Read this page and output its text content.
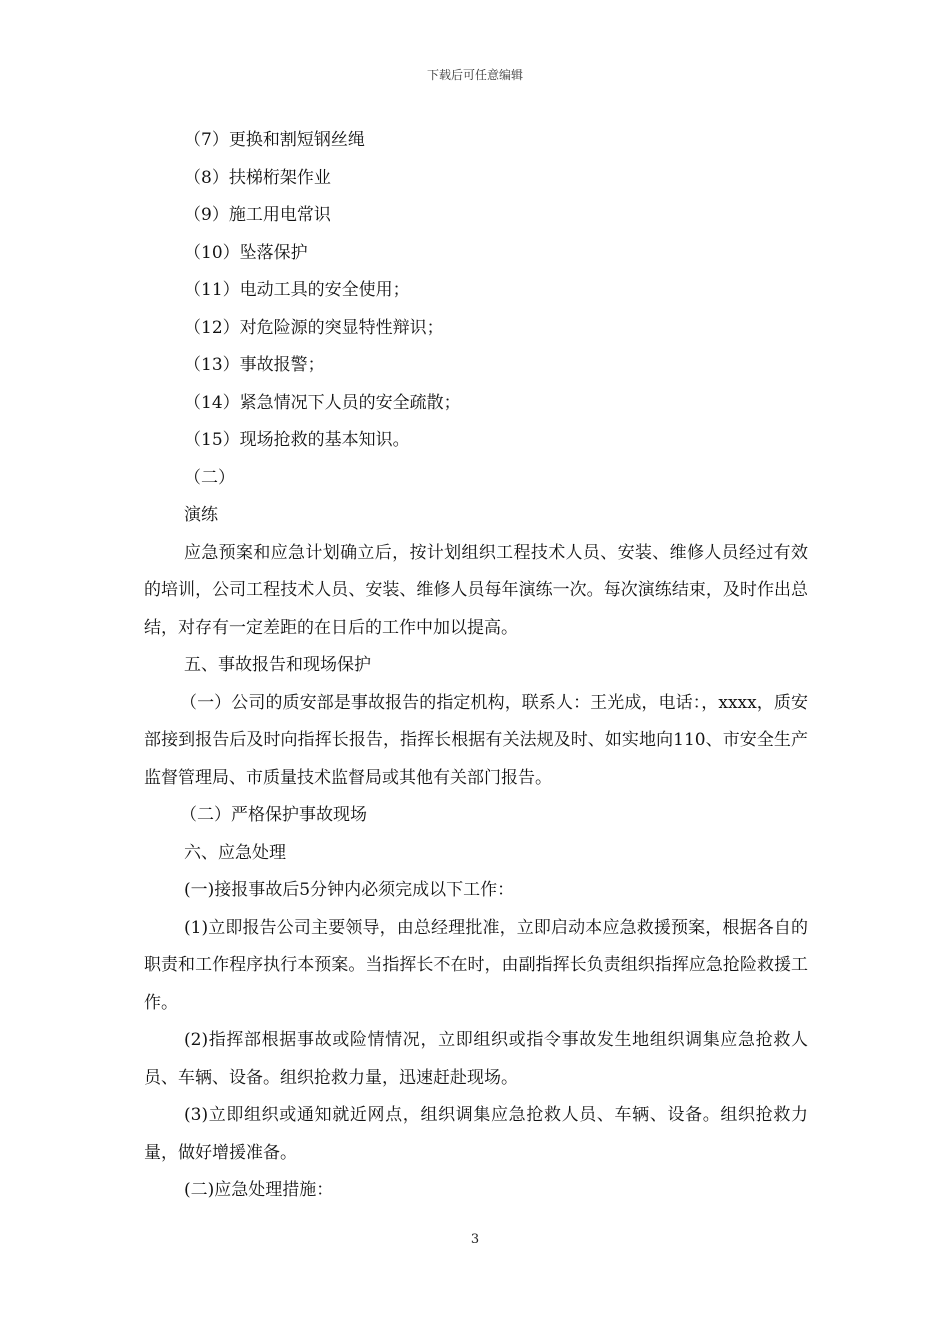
下载后可任意编辑

（7）更换和割短钢丝绳

（8）扶梯桁架作业

（9）施工用电常识

（10）坠落保护

（11）电动工具的安全使用；

（12）对危险源的突显特性辩识；

（13）事故报警；

（14）紧急情况下人员的安全疏散；

（15）现场抢救的基本知识。

（二）

演练

应急预案和应急计划确立后，按计划组织工程技术人员、安装、维修人员经过有效的培训，公司工程技术人员、安装、维修人员每年演练一次。每次演练结束，及时作出总结，对存有一定差距的在日后的工作中加以提高。

五、事故报告和现场保护

（一）公司的质安部是事故报告的指定机构，联系人：王光成，电话：，xxxx，质安部接到报告后及时向指挥长报告，指挥长根据有关法规及时、如实地向110、市安全生产监督管理局、市质量技术监督局或其他有关部门报告。

（二）严格保护事故现场

六、应急处理

(一)接报事故后5分钟内必须完成以下工作：

(1)立即报告公司主要领导，由总经理批准，立即启动本应急救援预案，根据各自的职责和工作程序执行本预案。当指挥长不在时，由副指挥长负责组织指挥应急抢险救援工作。

(2)指挥部根据事故或险情情况，立即组织或指令事故发生地组织调集应急抢救人员、车辆、设备。组织抢救力量，迅速赶赴现场。

(3)立即组织或通知就近网点，组织调集应急抢救人员、车辆、设备。组织抢救力量，做好增援准备。

(二)应急处理措施：

3
